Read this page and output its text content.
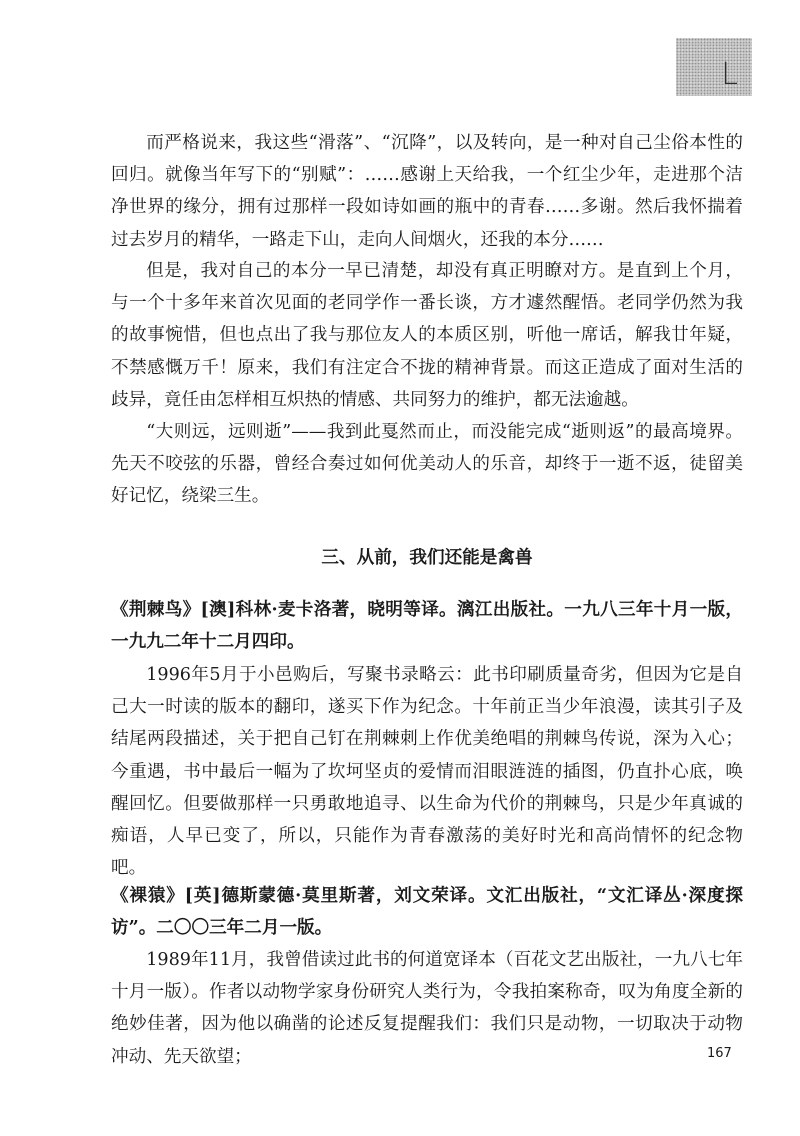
L

而严格说来，我这些“滑落”、“沉降”，以及转向，是一种对自己尘俗本性的回归。就像当年写下的“别赋”：……感谢上天给我，一个红尘少年，走进那个洁净世界的缘分，拥有过那样一段如诗如画的瓶中的青春……多谢。然后我怀揣着过去岁月的精华，一路走下山，走向人间烟火，还我的本分……

但是，我对自己的本分一早已清楚，却没有真正明瞭对方。是直到上个月，与一个十多年来首次见面的老同学作一番长谈，方才遽然醒悟。老同学仍然为我的故事惋惜，但也点出了我与那位友人的本质区别，听他一席话，解我廿年疑，不禁感慨万千！原来，我们有注定合不拢的精神背景。而这正造成了面对生活的歧异，竟任由怎样相互炽热的情感、共同努力的维护，都无法逾越。

“大则远，远则逝”——我到此戛然而止，而没能完成“逝则返”的最高境界。先天不咬弦的乐器，曾经合奏过如何优美动人的乐音，却终于一逝不返，徒留美好记忆，绕梁三生。

三、从前，我们还能是禽兽

《荆棘鸟》[澳]科林·麦卡洛著，晓明等译。漓江出版社。一九八三年十月一版，一九九二年十二月四印。

1996年5月于小邑购后，写聚书录略云：此书印刷质量奇劣，但因为它是自己大一时读的版本的翻印，遂买下作为纪念。十年前正当少年浪漫，读其引子及结尾两段描述，关于把自己钉在荆棘刺上作优美绝唱的荆棘鸟传说，深为入心；今重遇，书中最后一幅为了坎坷坚贞的爱情而泪眼涟涟的插图，仍直扑心底，唤醒回忆。但要做那样一只勇敢地追寻、以生命为代价的荆棘鸟，只是少年真诚的痴语，人早已变了，所以，只能作为青春激荡的美好时光和高尚情怀的纪念物吧。

《裸猿》[英]德斯蒙德·莫里斯著，刘文荣译。文汇出版社，“文汇译丛·深度探访”。二〇〇三年二月一版。

1989年11月，我曾借读过此书的何道宽译本（百花文艺出版社，一九八七年十月一版）。作者以动物学家身份研究人类行为，令我拍案称奇，叹为角度全新的绝妙佳著，因为他以确凿的论述反复提醒我们：我们只是动物，一切取决于动物冲动、先天欲望；	167
